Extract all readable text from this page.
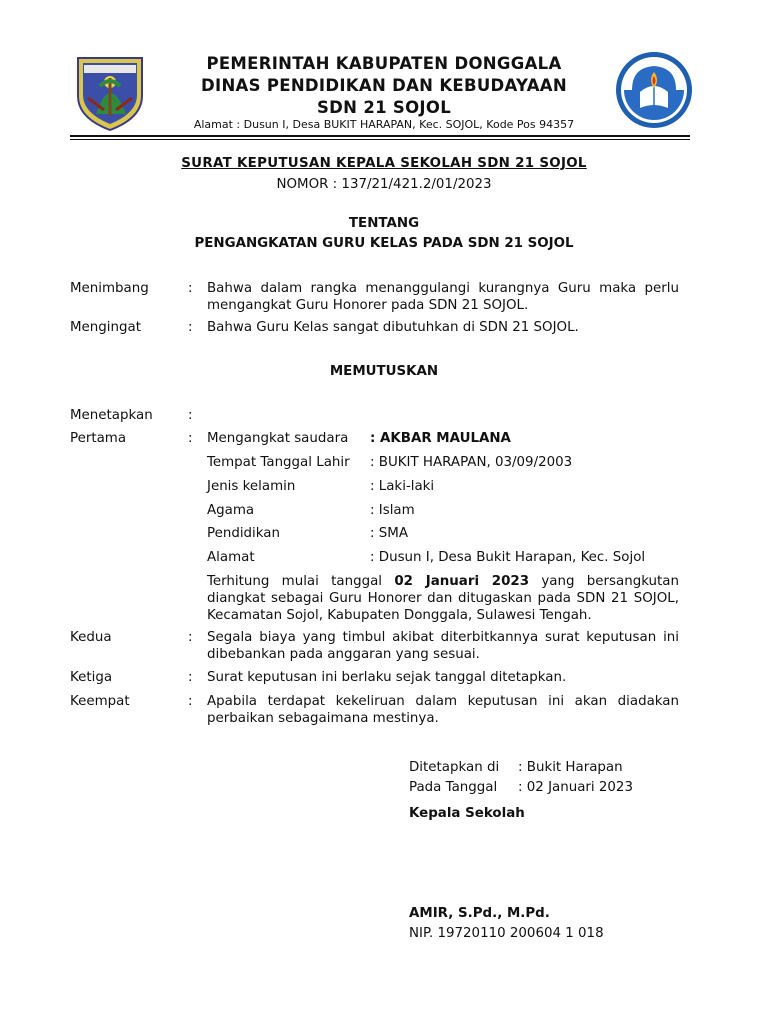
PEMERINTAH KABUPATEN DONGGALA
DINAS PENDIDIKAN DAN KEBUDAYAAN
SDN 21 SOJOL
Alamat : Dusun I, Desa BUKIT HARAPAN, Kec. SOJOL, Kode Pos 94357
SURAT KEPUTUSAN KEPALA SEKOLAH SDN 21 SOJOL
NOMOR : 137/21/421.2/01/2023
TENTANG
PENGANGKATAN GURU KELAS PADA SDN 21 SOJOL
Menimbang	: Bahwa dalam rangka menanggulangi kurangnya Guru maka perlu mengangkat Guru Honorer pada SDN 21 SOJOL.
Mengingat	: Bahwa Guru Kelas sangat dibutuhkan di SDN 21 SOJOL.
MEMUTUSKAN
Menetapkan	:
Pertama	: Mengangkat saudara : AKBAR MAULANA
Tempat Tanggal Lahir : BUKIT HARAPAN, 03/09/2003
Jenis kelamin	: Laki-laki
Agama	: Islam
Pendidikan	: SMA
Alamat	: Dusun I, Desa Bukit Harapan, Kec. Sojol
Terhitung mulai tanggal 02 Januari 2023 yang bersangkutan diangkat sebagai Guru Honorer dan ditugaskan pada SDN 21 SOJOL, Kecamatan Sojol, Kabupaten Donggala, Sulawesi Tengah.
Kedua	: Segala biaya yang timbul akibat diterbitkannya surat keputusan ini dibebankan pada anggaran yang sesuai.
Ketiga	: Surat keputusan ini berlaku sejak tanggal ditetapkan.
Keempat	: Apabila terdapat kekeliruan dalam keputusan ini akan diadakan perbaikan sebagaimana mestinya.
Ditetapkan di : Bukit Harapan
Pada Tanggal : 02 Januari 2023
Kepala Sekolah
AMIR, S.Pd., M.Pd.
NIP. 19720110 200604 1 018
